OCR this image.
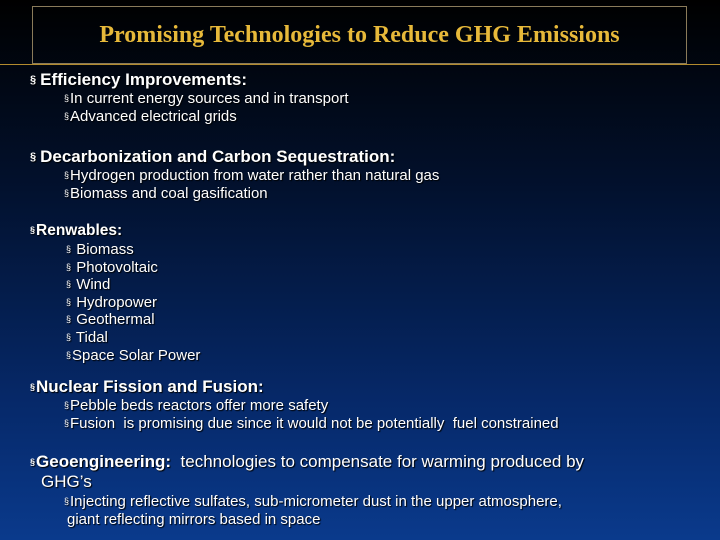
Promising Technologies to Reduce GHG Emissions
§ Efficiency Improvements:
§In current energy sources and in transport
§Advanced electrical grids
§ Decarbonization and Carbon Sequestration:
§Hydrogen production from water rather than natural gas
§Biomass and coal gasification
§Renwables:
§ Biomass
§ Photovoltaic
§ Wind
§ Hydropower
§ Geothermal
§ Tidal
§Space Solar Power
§Nuclear Fission and Fusion:
§Pebble beds reactors offer more safety
§Fusion  is promising due since it would not be potentially  fuel constrained
§Geoengineering: technologies to compensate for warming produced by
GHG’s
§Injecting reflective sulfates, sub-micrometer dust in the upper atmosphere,
giant reflecting mirrors based in space
